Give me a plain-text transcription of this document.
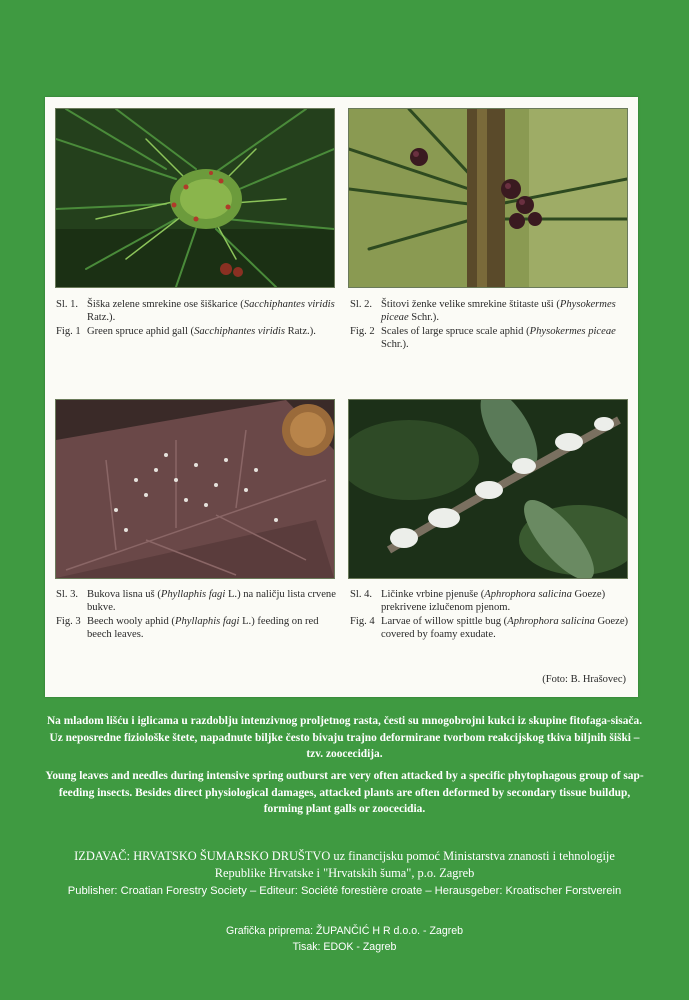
Sl. 1. Šiška zelene smrekine ose šiškarice (Sacchiphantes viridis Ratz.).
Fig. 1 Green spruce aphid gall (Sacchiphantes viridis Ratz.).
Sl. 2. Štitovi ženke velike smrekine štitaste uši (Physokermes piceae Schr.).
Fig. 2 Scales of large spruce scale aphid (Physokermes piceae Schr.).
Sl. 3. Bukova lisna uš (Phyllaphis fagi L.) na naličju lista crvene bukve.
Fig. 3 Beech wooly aphid (Phyllaphis fagi L.) feeding on red beech leaves.
Sl. 4. Ličinke vrbine pjenuše (Aphrophora salicina Goeze) prekrivene izlučenom pjenom.
Fig. 4 Larvae of willow spittle bug (Aphrophora salicina Goeze) covered by foamy exudate.
(Foto: B. Hrašovec)
Na mladom lišću i iglicama u razdoblju intenzivnog proljetnog rasta, česti su mnogobrojni kukci iz skupine fitofaga-sisača. Uz neposredne fiziološke štete, napadnute biljke često bivaju trajno deformirane tvorbom reakcijskog tkiva biljnih šiški – tzv. zoocecidija.
Young leaves and needles during intensive spring outburst are very often attacked by a specific phytophagous group of sap-feeding insects. Besides direct physiological damages, attacked plants are often deformed by secondary tissue buildup, forming plant galls or zoocecidia.
IZDAVAČ: HRVATSKO ŠUMARSKO DRUŠTVO uz financijsku pomoć Ministarstva znanosti i tehnologije Republike Hrvatske i "Hrvatskih šuma", p.o. Zagreb
Publisher: Croatian Forestry Society – Editeur: Société forestière croate – Herausgeber: Kroatischer Forstverein
Grafička priprema: ŽUPANČIĆ H R d.o.o. - Zagreb
Tisak: EDOK - Zagreb
